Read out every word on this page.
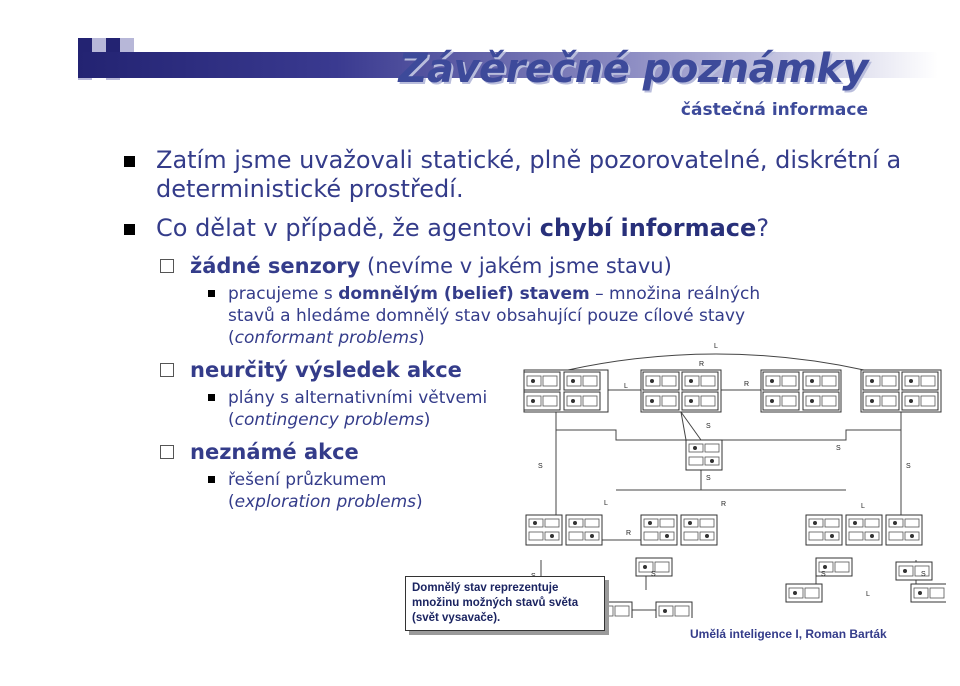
Závěrečné poznámky
částečná informace
Zatím jsme uvažovali statické, plně pozorovatelné, diskrétní a deterministické prostředí.
Co dělat v případě, že agentovi chybí informace?
žádné senzory (nevíme v jakém jsme stavu)
pracujeme s domnělým (belief) stavem – množina reálných stavů a hledáme domnělý stav obsahující pouze cílové stavy
(conformant problems)
neurčitý výsledek akce
plány s alternativními větvemi
(contingency problems)
neznámé akce
řešení průzkumem
(exploration problems)
L
R
L	R
S
S	S
S
S
L	R	L
R
S	S	S
L
Domnělý stav reprezentuje množinu možných stavů světa (svět vysavače).
Umělá inteligence I, Roman Barták
